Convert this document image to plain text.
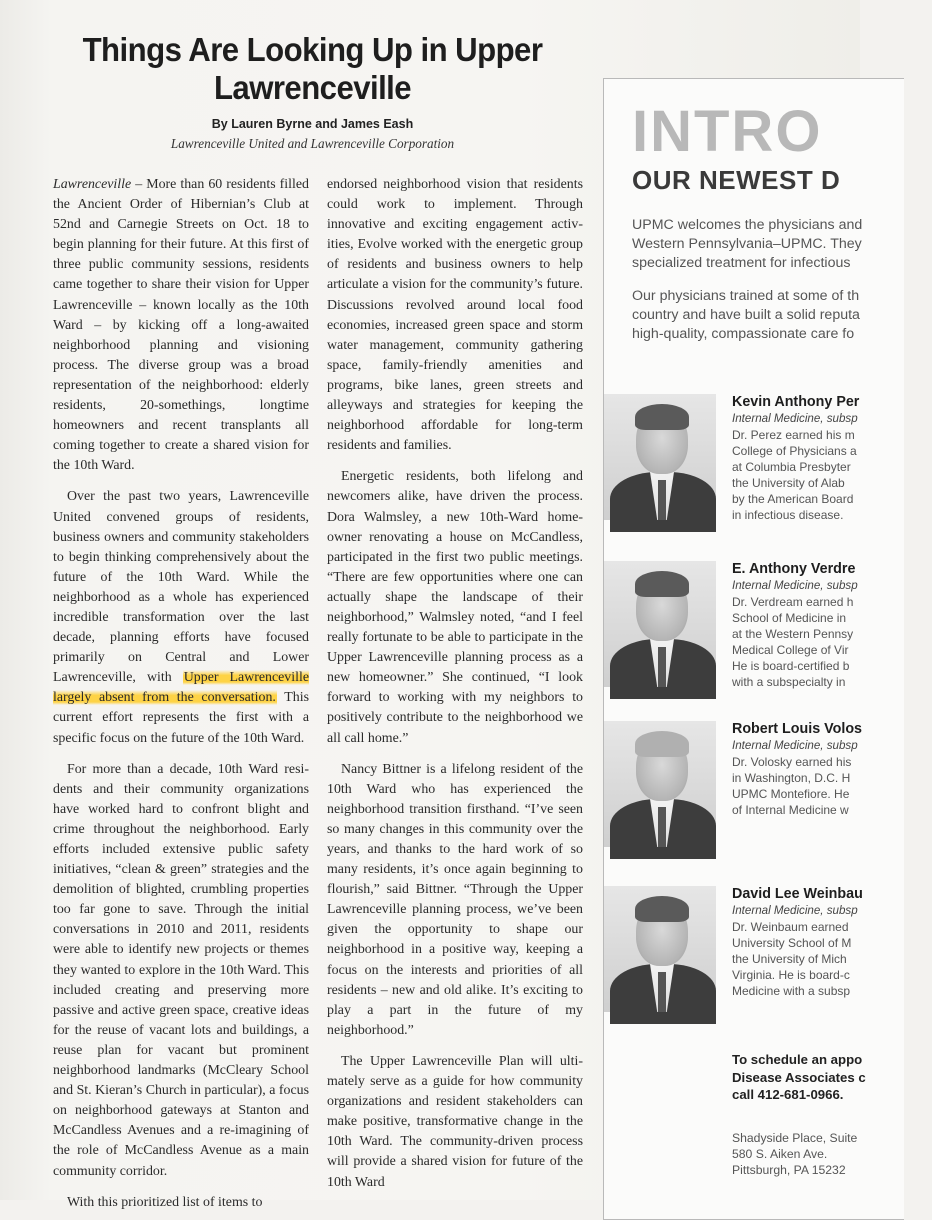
Things Are Looking Up in Upper
Lawrenceville
By Lauren Byrne and James Eash
Lawrenceville United and Lawrenceville Corporation

Lawrenceville – More than 60 residents filled the Ancient Order of Hibernian’s Club at 52nd and Carnegie Streets on Oct. 18 to begin planning for their future. At this first of three public community sessions, residents came together to share their vision for Upper Lawrenceville – known locally as the 10th Ward – by kicking off a long-awaited neighborhood planning and visioning process. The diverse group was a broad representation of the neighborhood: elderly residents, 20-somethings, longtime homeowners and recent transplants all coming together to create a shared vision for the 10th Ward.

Over the past two years, Lawrenceville United convened groups of residents, business owners and community stakeholders to begin thinking comprehensively about the future of the 10th Ward. While the neighborhood as a whole has experienced incredible transformation over the last decade, planning efforts have focused primarily on Central and Lower Lawrenceville, with Upper Lawrenceville largely absent from the conversation. This current effort represents the first with a specific focus on the future of the 10th Ward.

For more than a decade, 10th Ward residents and their community organizations have worked hard to confront blight and crime throughout the neighborhood. Early efforts included extensive public safety initiatives, “clean & green” strategies and the demolition of blighted, crumbling properties too far gone to save. Through the initial conversations in 2010 and 2011, residents were able to identify new projects or themes they wanted to explore in the 10th Ward. This included creating and preserving more passive and active green space, creative ideas for the reuse of vacant lots and buildings, a reuse plan for vacant but prominent neighborhood landmarks (McCleary School and St. Kieran’s Church in particular), a focus on neighborhood gateways at Stanton and McCandless Avenues and a re-imagining of the role of McCandless Avenue as a main community corridor.

With this prioritized list of items to

endorsed neighborhood vision that residents could work to implement. Through innovative and exciting engagement activities, Evolve worked with the energetic group of residents and business owners to help articulate a vision for the community’s future. Discussions revolved around local food economies, increased green space and storm water management, community gathering space, family-friendly amenities and programs, bike lanes, green streets and alleyways and strategies for keeping the neighborhood affordable for long-term residents and families.

Energetic residents, both lifelong and newcomers alike, have driven the process. Dora Walmsley, a new 10th-Ward homeowner renovating a house on McCandless, participated in the first two public meetings. “There are few opportunities where one can actually shape the landscape of their neighborhood,” Walmsley noted, “and I feel really fortunate to be able to participate in the Upper Lawrenceville planning process as a new homeowner.” She continued, “I look forward to working with my neighbors to positively contribute to the neighborhood we all call home.”

Nancy Bittner is a lifelong resident of the 10th Ward who has experienced the neighborhood transition firsthand. “I’ve seen so many changes in this community over the years, and thanks to the hard work of so many residents, it’s once again beginning to flourish,” said Bittner. “Through the Upper Lawrenceville planning process, we’ve been given the opportunity to shape our neighborhood in a positive way, keeping a focus on the interests and priorities of all residents – new and old alike. It’s exciting to play a part in the future of my neighborhood.”

The Upper Lawrenceville Plan will ultimately serve as a guide for how community organizations and resident stakeholders can make positive, transformative change in the 10th Ward. The community-driven process will provide a shared vision for future of the 10th Ward

INTRO
OUR NEWEST D

UPMC welcomes the physicians and
Western Pennsylvania–UPMC. They
specialized treatment for infectious

Our physicians trained at some of th
country and have built a solid reputa
high-quality, compassionate care fo

Kevin Anthony Per
Internal Medicine, subsp
Dr. Perez earned his m
College of Physicians a
at Columbia Presbyter
the University of Alab
by the American Board
in infectious disease.
E. Anthony Verdre
Internal Medicine, subsp
Dr. Verdream earned h
School of Medicine in
at the Western Pennsy
Medical College of Vir
He is board-certified b
with a subspecialty in
Robert Louis Volos
Internal Medicine, subsp
Dr. Volosky earned his
in Washington, D.C. H
UPMC Montefiore. He
of Internal Medicine w
David Lee Weinbau
Internal Medicine, subsp
Dr. Weinbaum earned
University School of M
the University of Mich
Virginia. He is board-c
Medicine with a subsp
To schedule an appo
Disease Associates c
call 412-681-0966.
Shadyside Place, Suite
580 S. Aiken Ave.
Pittsburgh, PA 15232
